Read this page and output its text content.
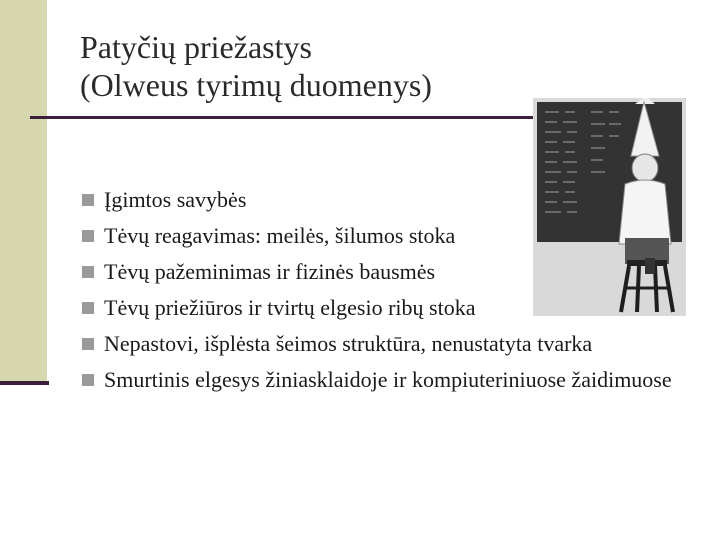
Patyčių priežastys
(Olweus tyrimų duomenys)
Įgimtos savybės
Tėvų reagavimas: meilės, šilumos stoka
Tėvų pažeminimas ir fizinės bausmės
Tėvų priežiūros ir tvirtų elgesio ribų stoka
Nepastovi, išplėsta šeimos struktūra, nenustatyta tvarka
Smurtinis elgesys žiniasklaidoje ir kompiuteriniuose žaidimuose
